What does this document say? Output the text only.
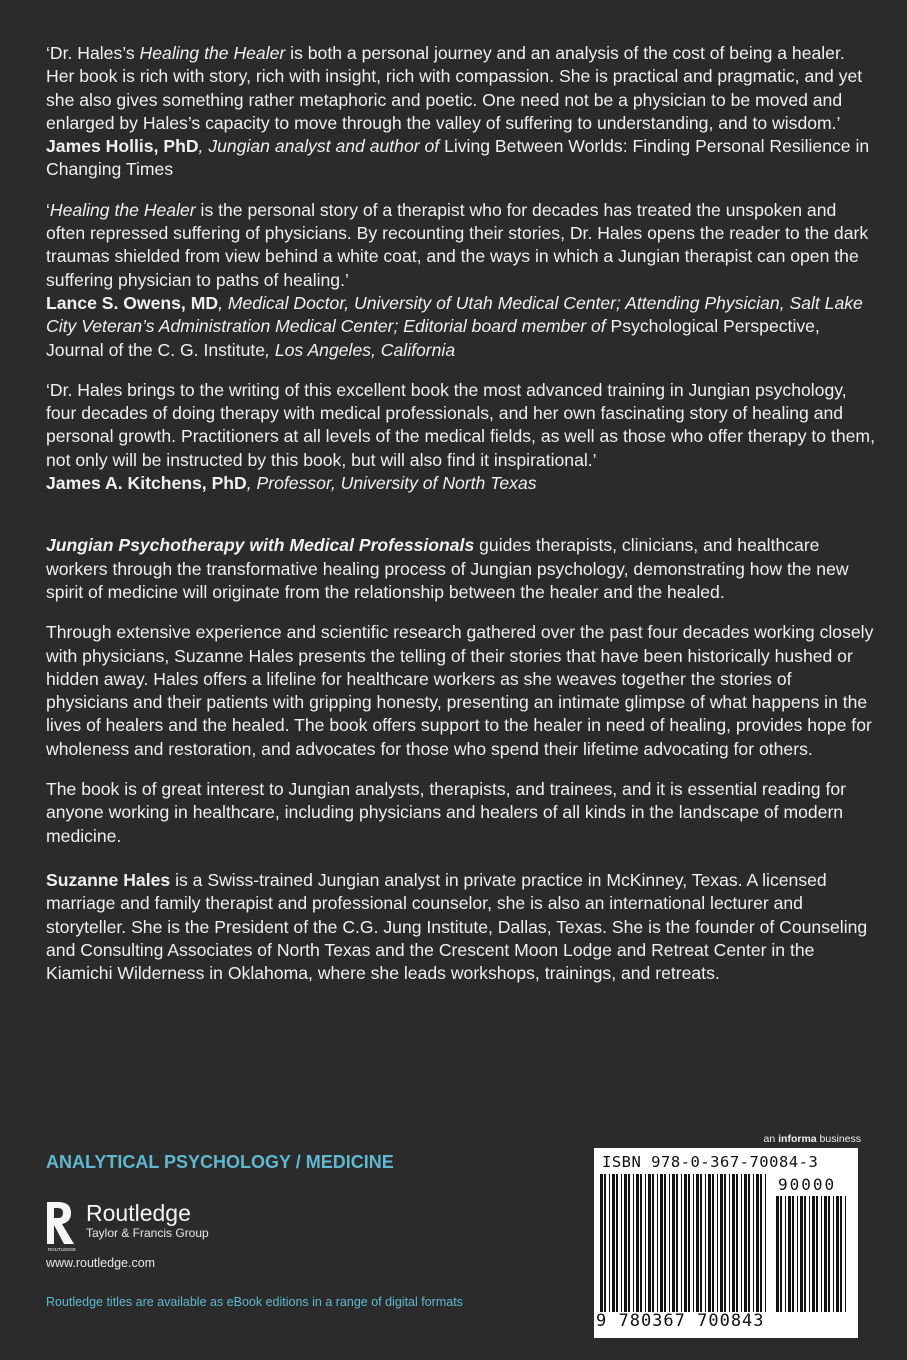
‘Dr. Hales’s Healing the Healer is both a personal journey and an analysis of the cost of being a healer. Her book is rich with story, rich with insight, rich with compassion. She is practical and pragmatic, and yet she also gives something rather metaphoric and poetic. One need not be a physician to be moved and enlarged by Hales’s capacity to move through the valley of suffering to understanding, and to wisdom.’
James Hollis, PhD, Jungian analyst and author of Living Between Worlds: Finding Personal Resilience in Changing Times

‘Healing the Healer is the personal story of a therapist who for decades has treated the unspoken and often repressed suffering of physicians. By recounting their stories, Dr. Hales opens the reader to the dark traumas shielded from view behind a white coat, and the ways in which a Jungian therapist can open the suffering physician to paths of healing.’
Lance S. Owens, MD, Medical Doctor, University of Utah Medical Center; Attending Physician, Salt Lake City Veteran’s Administration Medical Center; Editorial board member of Psychological Perspective, Journal of the C. G. Institute, Los Angeles, California

‘Dr. Hales brings to the writing of this excellent book the most advanced training in Jungian psychology, four decades of doing therapy with medical professionals, and her own fascinating story of healing and personal growth. Practitioners at all levels of the medical fields, as well as those who offer therapy to them, not only will be instructed by this book, but will also find it inspirational.’
James A. Kitchens, PhD, Professor, University of North Texas

Jungian Psychotherapy with Medical Professionals guides therapists, clinicians, and healthcare workers through the transformative healing process of Jungian psychology, demonstrating how the new spirit of medicine will originate from the relationship between the healer and the healed.

Through extensive experience and scientific research gathered over the past four decades working closely with physicians, Suzanne Hales presents the telling of their stories that have been historically hushed or hidden away. Hales offers a lifeline for healthcare workers as she weaves together the stories of physicians and their patients with gripping honesty, presenting an intimate glimpse of what happens in the lives of healers and the healed. The book offers support to the healer in need of healing, provides hope for wholeness and restoration, and advocates for those who spend their lifetime advocating for others.

The book is of great interest to Jungian analysts, therapists, and trainees, and it is essential reading for anyone working in healthcare, including physicians and healers of all kinds in the landscape of modern medicine.

Suzanne Hales is a Swiss-trained Jungian analyst in private practice in McKinney, Texas. A licensed marriage and family therapist and professional counselor, she is also an international lecturer and storyteller. She is the President of the C.G. Jung Institute, Dallas, Texas. She is the founder of Counseling and Consulting Associates of North Texas and the Crescent Moon Lodge and Retreat Center in the Kiamichi Wilderness in Oklahoma, where she leads workshops, trainings, and retreats.

an informa business
ANALYTICAL PSYCHOLOGY / MEDICINE
ROUTLEDGE
Routledge
Taylor & Francis Group
www.routledge.com
Routledge titles are available as eBook editions in a range of digital formats
ISBN 978-0-367-70084-3
90000
9 780367 700843
